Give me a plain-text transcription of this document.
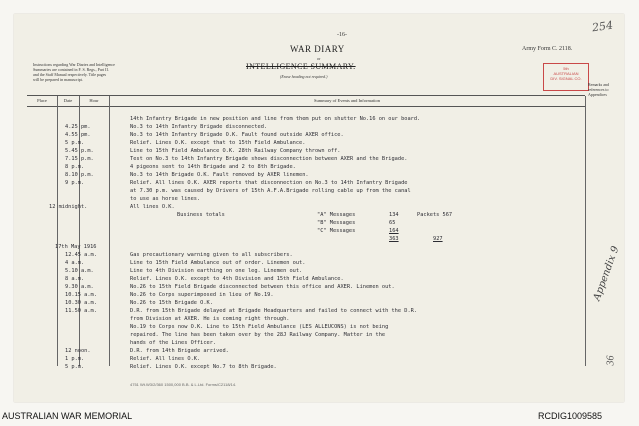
254
-16-
WAR DIARY
or
INTELLIGENCE SUMMARY.
(Erase heading not required.)
Army Form C. 2118.
Instructions regarding War Diaries and Intelligence
Summaries are contained in F. S. Regs., Part II.
and the Staff Manual respectively. Title pages
will be prepared in manuscript.
5th
AUSTRALIAN
DIV. SIGNAL CO.
Remarks and
references to
Appendices
Place	Date	Hour	Summary of Events and Information
14th Infantry Brigade in new position and line from them put on shutter No.16 on our board.
4.25 pm.	No.3 to 14th Infantry Brigade disconnected.
4.55 pm.	No.3 to 14th Infantry Brigade O.K. Fault found outside AXER office.
5 p.m.	Relief. Lines O.K. except that to 15th Field Ambulance.
5.45 p.m.	Line to 15th Field Ambulance O.K. 28th Railway Company thrown off.
7.15 p.m.	Test on No.3 to 14th Infantry Brigade shows disconnection between AXER and the Brigade.
8 p.m.	4 pigeons sent to 14th Brigade and 2 to 8th Brigade.
8.10 p.m.	No.3 to 14th Brigade O.K. Fault removed by AXER linemen.
9 p.m.	Relief. All lines O.K. AXER reports that disconnection on No.3 to 14th Infantry Brigade
at 7.30 p.m. was caused by Drivers of 15th A.F.A.Brigade rolling cable up from the canal
to use as horse lines.
12 midnight.	All lines O.K.
Business totals	"A" Messages	134	Packets 567
"B" Messages	65
"C" Messages	164
363	927
17th May 1916
12.45 a.m.	Gas precautionary warning given to all subscribers.
4 a.m.	Line to 15th Field Ambulance out of order. Linemen out.
5.10 a.m.	Line to 4th Division earthing on one leg. Linemen out.
8 a.m.	Relief. Lines O.K. except to 4th Division and 15th Field Ambulance.
9.30 a.m.	No.26 to 15th Field Brigade disconnected between this office and AXER. Linemen out.
10.15 a.m.	No.26 to Corps superimposed in lieu of No.19.
10.30 a.m.	No.26 to 15th Brigade O.K.
11.50 a.m.	D.R. from 15th Brigade delayed at Brigade Headquarters and failed to connect with the D.R.
from Division at AXER. He is coming right through.
No.19 to Corps now O.K. Line to 15th Field Ambulance (LES ALLEUCONS) is not being
repaired. The line has been taken over by the 28J Railway Company. Matter in the
hands of the Lines Officer.
12 noon.	D.R. from 14th Brigade arrived.
1 p.m.	Relief. All lines O.K.
5 p.m.	Relief. Lines O.K. except No.7 to 8th Brigade.
Appendix 9
36
4751 Wt.W3/2/360 1500,000 B.B. & L.Ltd. Forms/C2118/14.
AUSTRALIAN WAR MEMORIAL	RCDIG1009585
